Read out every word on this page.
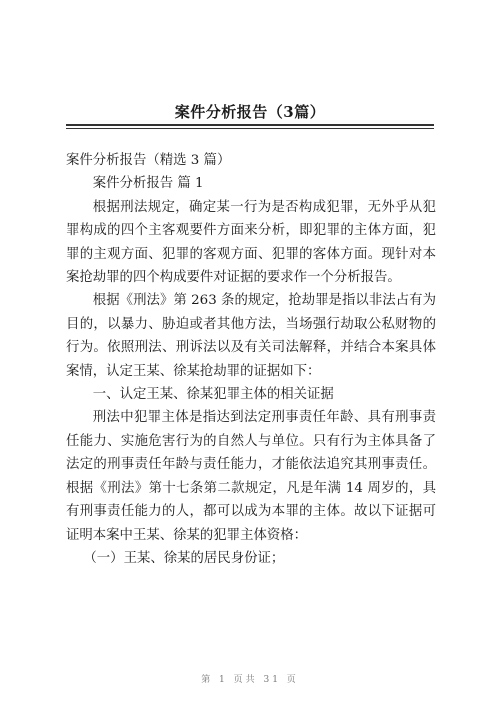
案件分析报告（3篇）

案件分析报告（精选 3 篇）

案件分析报告 篇 1

根据刑法规定，确定某一行为是否构成犯罪，无外乎从犯罪构成的四个主客观要件方面来分析，即犯罪的主体方面，犯罪的主观方面、犯罪的客观方面、犯罪的客体方面。现针对本案抢劫罪的四个构成要件对证据的要求作一个分析报告。

根据《刑法》第 263 条的规定，抢劫罪是指以非法占有为目的，以暴力、胁迫或者其他方法，当场强行劫取公私财物的行为。依照刑法、刑诉法以及有关司法解释，并结合本案具体案情，认定王某、徐某抢劫罪的证据如下：

一、认定王某、徐某犯罪主体的相关证据

刑法中犯罪主体是指达到法定刑事责任年龄、具有刑事责任能力、实施危害行为的自然人与单位。只有行为主体具备了法定的刑事责任年龄与责任能力，才能依法追究其刑事责任。 根据《刑法》第十七条第二款规定，凡是年满 14 周岁的，具有刑事责任能力的人，都可以成为本罪的主体。故以下证据可证明本案中王某、徐某的犯罪主体资格：

（一）王某、徐某的居民身份证；

第 1 页共 31 页
